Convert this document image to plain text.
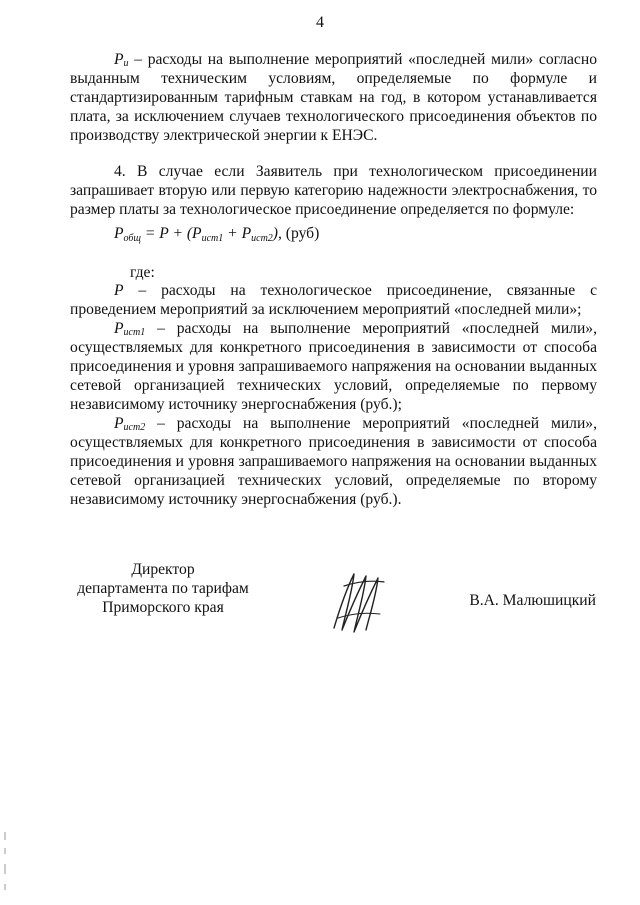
4

$P_и$ – расходы на выполнение мероприятий «последней мили» согласно выданным техническим условиям, определяемые по формуле и стандартизированным тарифным ставкам на год, в котором устанавливается плата, за исключением случаев технологического присоединения объектов по производству электрической энергии к ЕНЭС.

4. В случае если Заявитель при технологическом присоединении запрашивает вторую или первую категорию надежности электроснабжения, то размер платы за технологическое присоединение определяется по формуле:

$P_{общ} = P + (P_{ист1} + P_{ист2})$, (руб)
где:

P – расходы на технологическое присоединение, связанные с проведением мероприятий за исключением мероприятий «последней мили»;

$P_{ист1}$ – расходы на выполнение мероприятий «последней мили», осуществляемых для конкретного присоединения в зависимости от способа присоединения и уровня запрашиваемого напряжения на основании выданных сетевой организацией технических условий, определяемые по первому независимому источнику энергоснабжения (руб.);

$P_{ист2}$ – расходы на выполнение мероприятий «последней мили», осуществляемых для конкретного присоединения в зависимости от способа присоединения и уровня запрашиваемого напряжения на основании выданных сетевой организацией технических условий, определяемые по второму независимому источнику энергоснабжения (руб.).

Директор
департамента по тарифам
Приморского края	В.А. Малюшицкий
